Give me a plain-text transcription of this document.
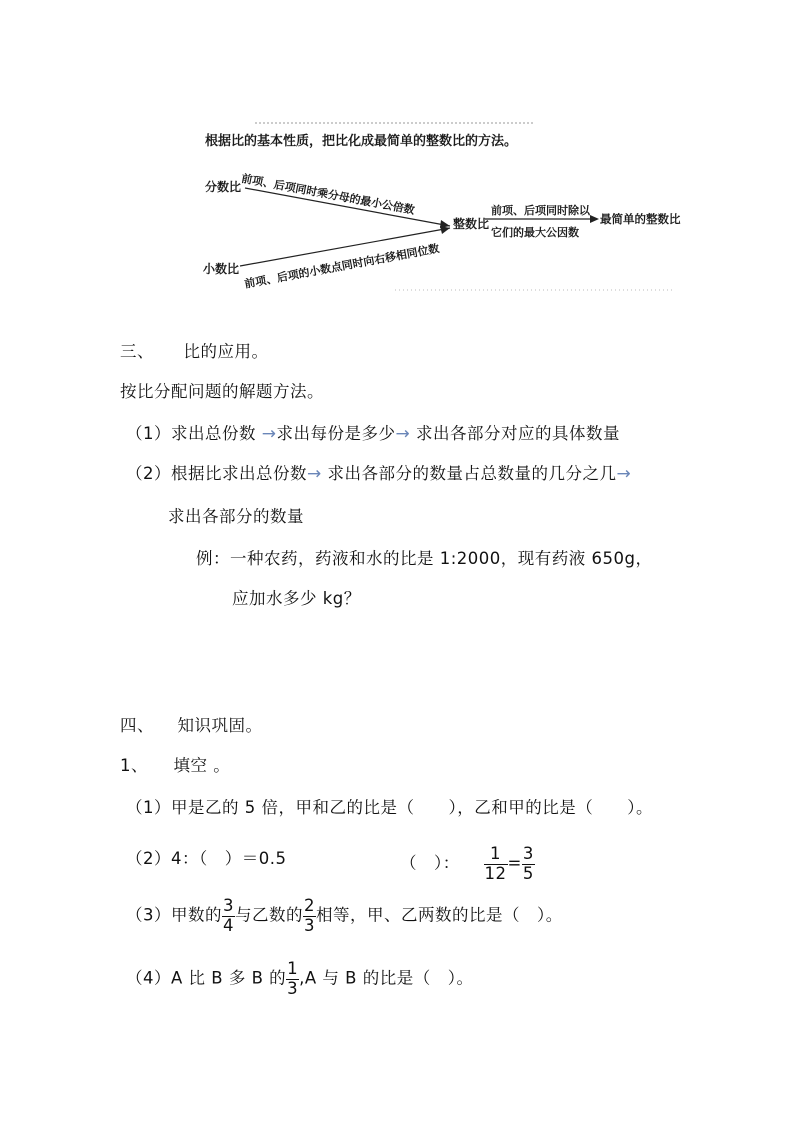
根据比的基本性质，把比化成最简单的整数比的方法。
分数比 前项、后项同时乘分母的最小公倍数
小数比 前项、后项的小数点同时向右移相同位数
整数比
前项、后项同时除以
它们的最大公因数
最简单的整数比
三、 比的应用。
按比分配问题的解题方法。
（1）求出总份数 →求出每份是多少→ 求出各部分对应的具体数量
（2）根据比求出总份数→ 求出各部分的数量占总数量的几分之几→
求出各部分的数量
例：一种农药，药液和水的比是 1:2000，现有药液 650g，
应加水多少 kg？
四、 知识巩固。
1、 填空 。
（1）甲是乙的 5 倍，甲和乙的比是（　　），乙和甲的比是（　　）。
（2）4：（　）＝0.5	（　）： $\frac{1}{12} = \frac{3}{5}$
（3）甲数的 $\frac{3}{4}$ 与乙数的 $\frac{2}{3}$ 相等，甲、乙两数的比是（　）。
（4）A 比 B 多 B 的 $\frac{1}{3} ,A$ 与 B 的比是（　）。
